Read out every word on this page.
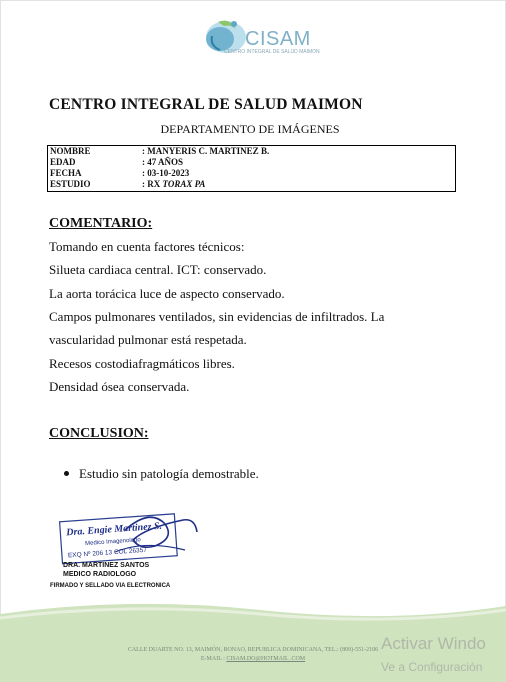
CISAM
CENTRO INTEGRAL DE SALUD MAIMON
CENTRO INTEGRAL DE SALUD MAIMON
DEPARTAMENTO DE IMÁGENES
NOMBRE	: MANYERIS C. MARTINEZ B.
EDAD	: 47 AÑOS
FECHA	: 03-10-2023
ESTUDIO	: RX TORAX PA
COMENTARIO:
Tomando en cuenta factores técnicos:
Silueta cardiaca central. ICT: conservado.
La aorta torácica luce de aspecto conservado.
Campos pulmonares ventilados, sin evidencias de infiltrados. La
vascularidad pulmonar está respetada.
Recesos costodiafragmáticos libres.
Densidad ósea conservada.
CONCLUSION:
Estudio sin patología demostrable.
Dra. Engie Martinez S.
Medico Imagenologo
EXQ Nº 206 13 COL 26357
DRA. MARTINEZ SANTOS
MEDICO RADIOLOGO
FIRMADO Y SELLADO VIA ELECTRONICA
CALLE DUARTE NO. 13, MAIMÓN, BONAO, REPUBLICA DOMINICANA, TEL.: (809)-551-2106
E-MAIL : CISAM.DO@HOTMAIL .COM
Activar Windo
Ve a Configuración
